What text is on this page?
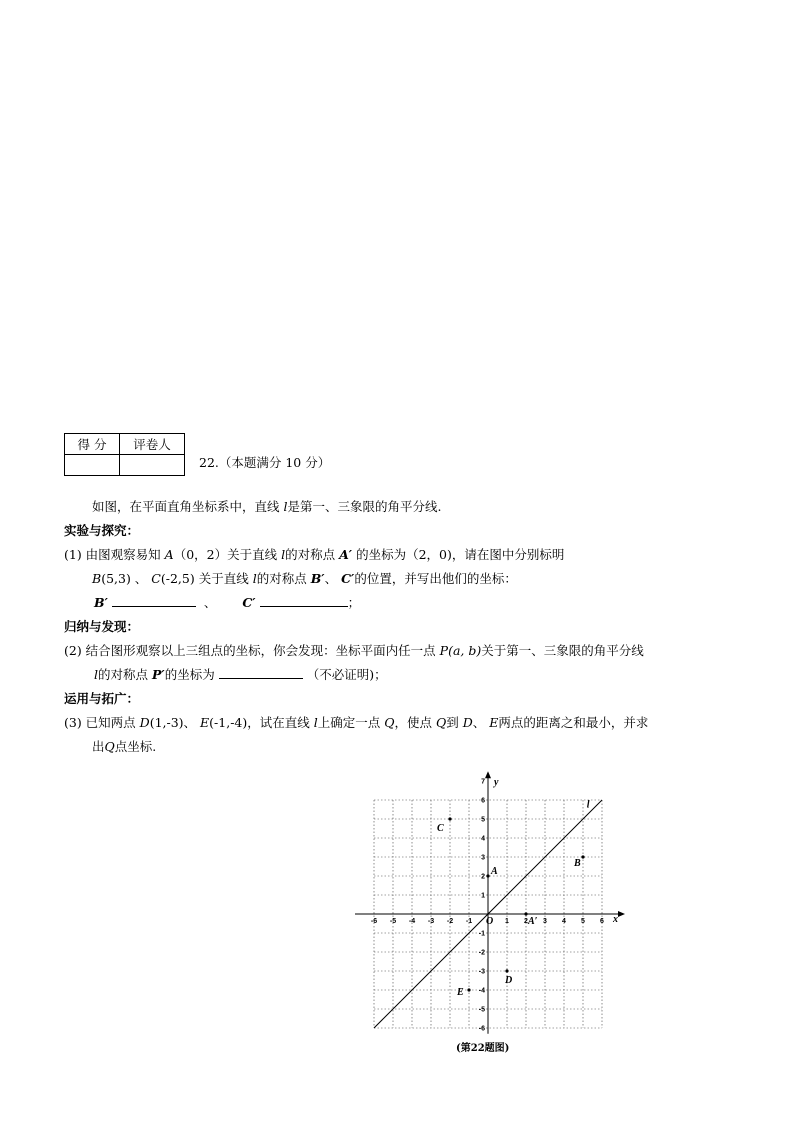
得 分	评卷人

22.（本题满分 10 分）
如图，在平面直角坐标系中，直线 l是第一、三象限的角平分线.
实验与探究：
(1) 由图观察易知 A（0，2）关于直线 l的对称点 A′ 的坐标为（2，0)，请在图中分别标明
B(5,3) 、 C(-2,5) 关于直线 l的对称点 B′、 C′的位置，并写出他们的坐标：
B′	、 C′	；
归纳与发现：
(2) 结合图形观察以上三组点的坐标，你会发现：坐标平面内任一点 P(a, b)关于第一、三象限的角平分线
l的对称点 P′的坐标为	（不必证明)；
运用与拓广：
(3) 已知两点 D(1,-3)、 E(-1,-4)，试在直线 l上确定一点 Q，使点 Q到 D、 E两点的距离之和最小，并求
出Q点坐标.
x
y
O
-6 -5 -4 -3 -2 -1	1 2 3 4 5 6
7
6
5
4
3
2
1
-1
-2
-3
-4
-5
-6
l
A
A′
B
C
D
E
(第22题图)
